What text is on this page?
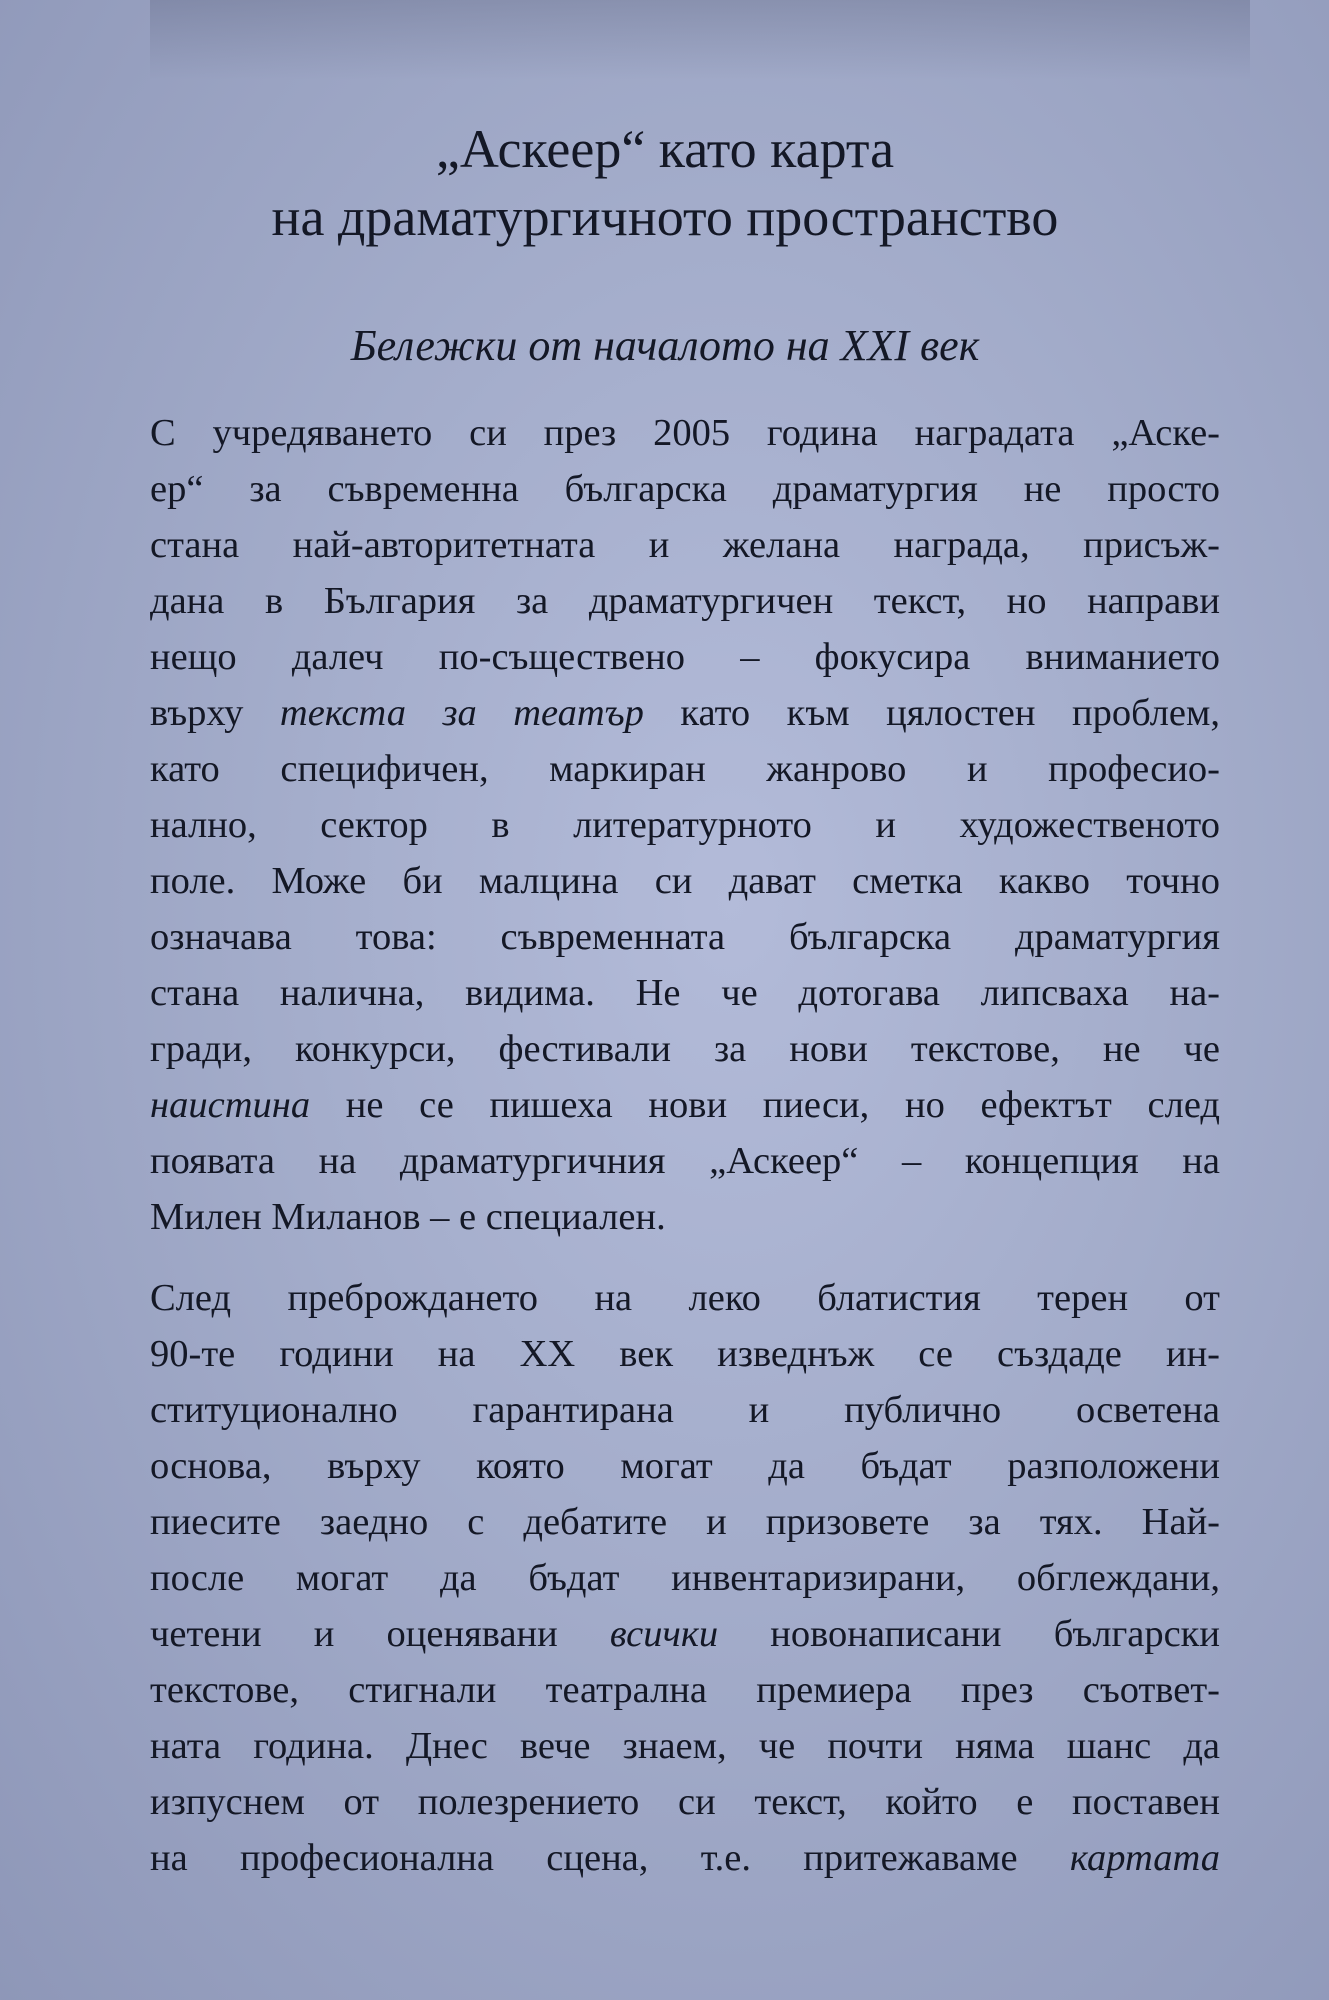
„Аскеер“ като карта
на драматургичното пространство
Бележки от началото на XXI век
С учредяването си през 2005 година наградата „Аске-
ер“ за съвременна българска драматургия не просто
стана най-авторитетната и желана награда, присъж-
дана в България за драматургичен текст, но направи
нещо далеч по-съществено – фокусира вниманието
върху текста за театър като към цялостен проблем,
като специфичен, маркиран жанрово и професио-
нално, сектор в литературното и художественото
поле. Може би малцина си дават сметка какво точно
означава това: съвременната българска драматургия
стана налична, видима. Не че дотогава липсваха на-
гради, конкурси, фестивали за нови текстове, не че
наистина не се пишеха нови пиеси, но ефектът след
появата на драматургичния „Аскеер“ – концепция на
Милен Миланов – е специален.
След преброждането на леко блатистия терен от
90-те години на XX век изведнъж се създаде ин-
ституционално гарантирана и публично осветена
основа, върху която могат да бъдат разположени
пиесите заедно с дебатите и призовете за тях. Най-
после могат да бъдат инвентаризирани, обглеждани,
четени и оценявани всички новонаписани български
текстове, стигнали театрална премиера през съответ-
ната година. Днес вече знаем, че почти няма шанс да
изпуснем от полезрението си текст, който е поставен
на професионална сцена, т.е. притежаваме картата
